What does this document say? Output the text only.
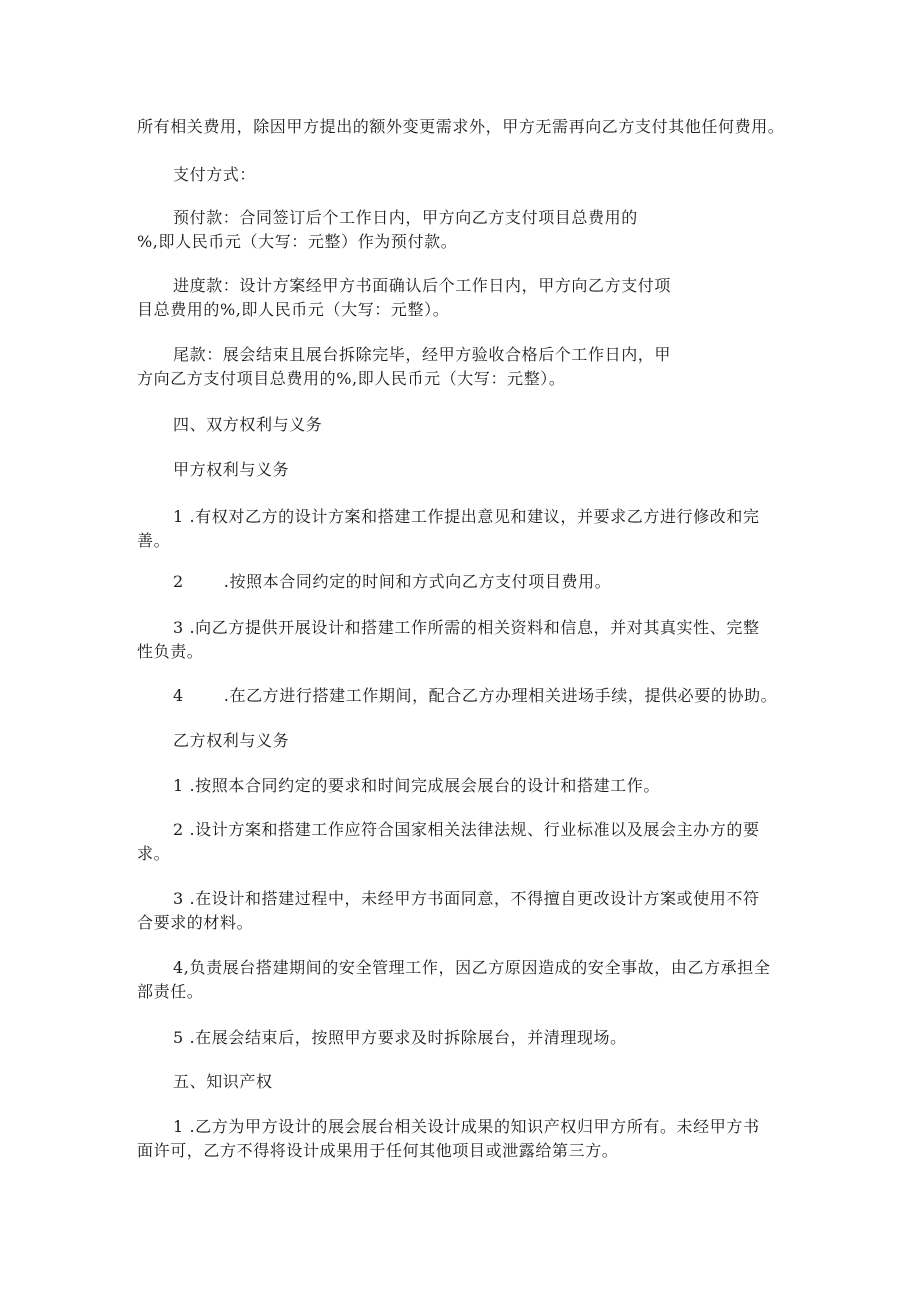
所有相关费用，除因甲方提出的额外变更需求外，甲方无需再向乙方支付其他任何费用。
支付方式：
预付款：合同签订后个工作日内，甲方向乙方支付项目总费用的
%,即人民币元（大写：元整）作为预付款。
进度款：设计方案经甲方书面确认后个工作日内，甲方向乙方支付项
目总费用的%,即人民币元（大写：元整）。
尾款：展会结束且展台拆除完毕，经甲方验收合格后个工作日内，甲
方向乙方支付项目总费用的%,即人民币元（大写：元整）。
四、双方权利与义务
甲方权利与义务
1 .有权对乙方的设计方案和搭建工作提出意见和建议，并要求乙方进行修改和完
善。
2	.按照本合同约定的时间和方式向乙方支付项目费用。
3 .向乙方提供开展设计和搭建工作所需的相关资料和信息，并对其真实性、完整
性负责。
4	.在乙方进行搭建工作期间，配合乙方办理相关进场手续，提供必要的协助。
乙方权利与义务
1 .按照本合同约定的要求和时间完成展会展台的设计和搭建工作。
2 .设计方案和搭建工作应符合国家相关法律法规、行业标准以及展会主办方的要
求。
3 .在设计和搭建过程中，未经甲方书面同意，不得擅自更改设计方案或使用不符
合要求的材料。
4,负责展台搭建期间的安全管理工作，因乙方原因造成的安全事故，由乙方承担全
部责任。
5 .在展会结束后，按照甲方要求及时拆除展台，并清理现场。
五、知识产权
1 .乙方为甲方设计的展会展台相关设计成果的知识产权归甲方所有。未经甲方书
面许可，乙方不得将设计成果用于任何其他项目或泄露给第三方。
